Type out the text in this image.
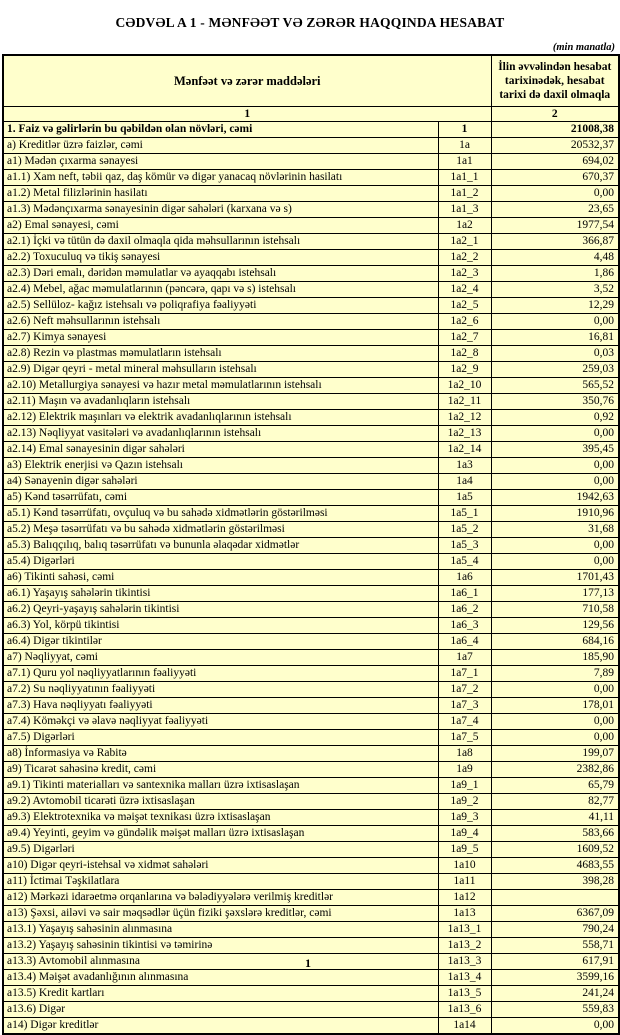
CƏDVƏL A 1 - MƏNFƏƏT VƏ ZƏRƏR HAQQINDA HESABAT
(min manatla)
Mənfəət və zərər maddələri		İlin əvvəlindən hesabat tarixinədək, hesabat tarixi də daxil olmaqla
1		2
1. Faiz və gəlirlərin bu qəbildən olan növləri, cəmi	1	21008,38
a) Kreditlər üzrə faizlər, cəmi	1a	20532,37
a1) Mədən çıxarma sənayesi	1a1	694,02
a1.1) Xam neft, təbii qaz, daş kömür və digər yanacaq növlərinin hasilatı	1a1_1	670,37
a1.2) Metal filizlərinin hasilatı	1a1_2	0,00
a1.3) Mədənçıxarma sənayesinin digər sahələri (karxana və s)	1a1_3	23,65
a2) Emal sənayesi, cəmi	1a2	1977,54
a2.1) İçki və tütün də daxil olmaqla qida məhsullarının istehsalı	1a2_1	366,87
a2.2) Toxuculuq və tikiş sənayesi	1a2_2	4,48
a2.3) Dəri emalı, dəridən məmulatlar və ayaqqabı istehsalı	1a2_3	1,86
a2.4) Mebel, ağac məmulatlarının (pəncərə, qapı və s) istehsalı	1a2_4	3,52
a2.5) Sellüloz- kağız istehsalı və poliqrafiya fəaliyyəti	1a2_5	12,29
a2.6) Neft məhsullarının istehsalı	1a2_6	0,00
a2.7) Kimya sənayesi	1a2_7	16,81
a2.8) Rezin və plastmas məmulatların istehsalı	1a2_8	0,03
a2.9) Digər qeyri - metal mineral məhsulların istehsalı	1a2_9	259,03
a2.10) Metallurgiya sənayesi və hazır metal məmulatlarının istehsalı	1a2_10	565,52
a2.11) Maşın və avadanlıqların istehsalı	1a2_11	350,76
a2.12) Elektrik maşınları və elektrik avadanlıqlarının istehsalı	1a2_12	0,92
a2.13) Nəqliyyat vasitələri və avadanlıqlarının istehsalı	1a2_13	0,00
a2.14) Emal sənayesinin digər sahələri	1a2_14	395,45
a3) Elektrik enerjisi və Qazın istehsalı	1a3	0,00
a4) Sənayenin digər sahələri	1a4	0,00
a5) Kənd təsərrüfatı, cəmi	1a5	1942,63
a5.1) Kənd təsərrüfatı, ovçuluq və bu sahədə xidmətlərin göstərilməsi	1a5_1	1910,96
a5.2) Meşə təsərrüfatı və bu sahədə xidmətlərin göstərilməsi	1a5_2	31,68
a5.3) Balıqçılıq, balıq təsərrüfatı və bununla əlaqədar xidmətlər	1a5_3	0,00
a5.4) Digərləri	1a5_4	0,00
a6) Tikinti sahəsi, cəmi	1a6	1701,43
a6.1) Yaşayış sahələrin tikintisi	1a6_1	177,13
a6.2) Qeyri-yaşayış sahələrin tikintisi	1a6_2	710,58
a6.3) Yol, körpü tikintisi	1a6_3	129,56
a6.4) Digər tikintilər	1a6_4	684,16
a7) Nəqliyyat, cəmi	1a7	185,90
a7.1) Quru yol nəqliyyatlarının fəaliyyəti	1a7_1	7,89
a7.2) Su nəqliyyatının fəaliyyəti	1a7_2	0,00
a7.3) Hava nəqliyyatı fəaliyyəti	1a7_3	178,01
a7.4) Köməkçi və əlavə nəqliyyat fəaliyyəti	1a7_4	0,00
a7.5) Digərləri	1a7_5	0,00
a8) İnformasiya və Rabitə	1a8	199,07
a9) Ticarət sahəsinə kredit, cəmi	1a9	2382,86
a9.1) Tikinti materialları və santexnika malları üzrə ixtisaslaşan	1a9_1	65,79
a9.2) Avtomobil ticarəti üzrə ixtisaslaşan	1a9_2	82,77
a9.3) Elektrotexnika və məişət texnikası üzrə ixtisaslaşan	1a9_3	41,11
a9.4) Yeyinti, geyim və gündəlik məişət malları üzrə ixtisaslaşan	1a9_4	583,66
a9.5) Digərləri	1a9_5	1609,52
a10) Digər qeyri-istehsal və xidmət sahələri	1a10	4683,55
a11) İctimai Təşkilatlara	1a11	398,28
a12) Mərkəzi idarəetmə orqanlarına və bələdiyyələrə verilmiş kreditlər	1a12	
a13) Şəxsi, ailəvi və sair məqsədlər üçün fiziki şəxslərə kreditlər, cəmi	1a13	6367,09
a13.1) Yaşayış sahəsinin alınmasına	1a13_1	790,24
a13.2) Yaşayış sahəsinin tikintisi və təmirinə	1a13_2	558,71
a13.3) Avtomobil alınmasına	1a13_3	617,91
a13.4) Məişət avadanlığının alınmasına	1a13_4	3599,16
a13.5) Kredit kartları	1a13_5	241,24
a13.6) Digər	1a13_6	559,83
a14) Digər kreditlər	1a14	0,00
1
